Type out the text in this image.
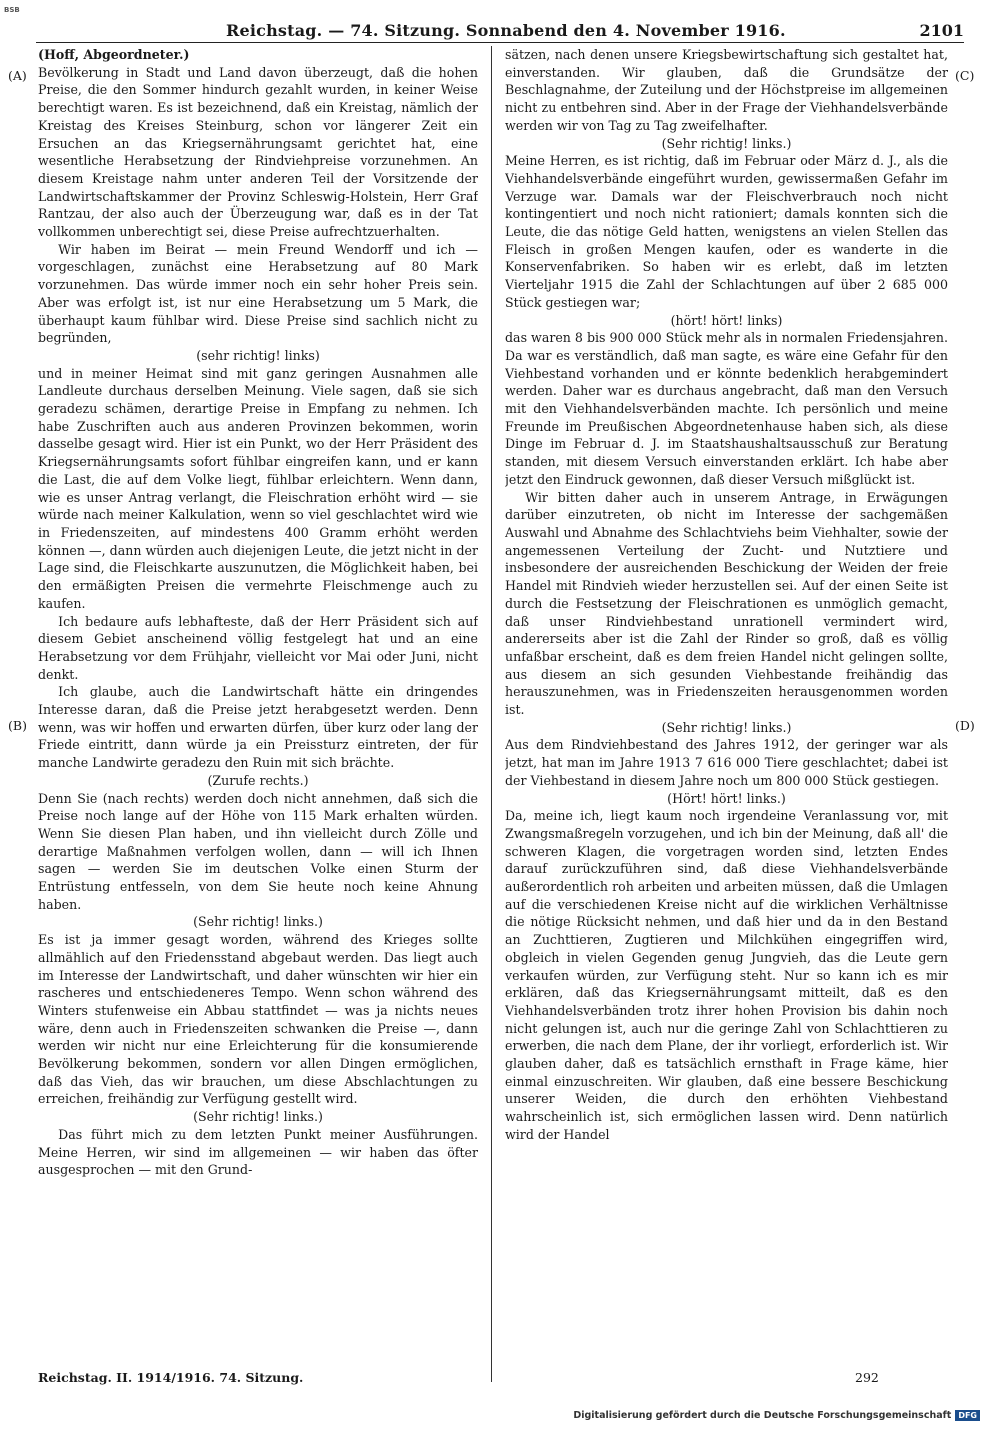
BSB
Reichstag. — 74. Sitzung. Sonnabend den 4. November 1916.	2101
(A)
(B)
(C)
(D)

(Hoff, Abgeordneter.)

Bevölkerung in Stadt und Land davon überzeugt, daß die hohen Preise, die den Sommer hindurch gezahlt wurden, in keiner Weise berechtigt waren. Es ist bezeichnend, daß ein Kreistag, nämlich der Kreistag des Kreises Steinburg, schon vor längerer Zeit ein Ersuchen an das Kriegsernährungsamt gerichtet hat, eine wesentliche Herabsetzung der Rindviehpreise vorzunehmen. An diesem Kreistage nahm unter anderen Teil der Vorsitzende der Landwirtschaftskammer der Provinz Schleswig-Holstein, Herr Graf Rantzau, der also auch der Überzeugung war, daß es in der Tat vollkommen unberechtigt sei, diese Preise aufrechtzuerhalten.

Wir haben im Beirat — mein Freund Wendorff und ich — vorgeschlagen, zunächst eine Herabsetzung auf 80 Mark vorzunehmen. Das würde immer noch ein sehr hoher Preis sein. Aber was erfolgt ist, ist nur eine Herabsetzung um 5 Mark, die überhaupt kaum fühlbar wird. Diese Preise sind sachlich nicht zu begründen,

(sehr richtig! links)

und in meiner Heimat sind mit ganz geringen Ausnahmen alle Landleute durchaus derselben Meinung. Viele sagen, daß sie sich geradezu schämen, derartige Preise in Empfang zu nehmen. Ich habe Zuschriften auch aus anderen Provinzen bekommen, worin dasselbe gesagt wird. Hier ist ein Punkt, wo der Herr Präsident des Kriegsernährungsamts sofort fühlbar eingreifen kann, und er kann die Last, die auf dem Volke liegt, fühlbar erleichtern. Wenn dann, wie es unser Antrag verlangt, die Fleischration erhöht wird — sie würde nach meiner Kalkulation, wenn so viel geschlachtet wird wie in Friedenszeiten, auf mindestens 400 Gramm erhöht werden können —, dann würden auch diejenigen Leute, die jetzt nicht in der Lage sind, die Fleischkarte auszunutzen, die Möglichkeit haben, bei den ermäßigten Preisen die vermehrte Fleischmenge auch zu kaufen.

Ich bedaure aufs lebhafteste, daß der Herr Präsident sich auf diesem Gebiet anscheinend völlig festgelegt hat und an eine Herabsetzung vor dem Frühjahr, vielleicht vor Mai oder Juni, nicht denkt.

Ich glaube, auch die Landwirtschaft hätte ein dringendes Interesse daran, daß die Preise jetzt herabgesetzt werden. Denn wenn, was wir hoffen und erwarten dürfen, über kurz oder lang der Friede eintritt, dann würde ja ein Preissturz eintreten, der für manche Landwirte geradezu den Ruin mit sich brächte.

(Zurufe rechts.)

Denn Sie (nach rechts) werden doch nicht annehmen, daß sich die Preise noch lange auf der Höhe von 115 Mark erhalten würden. Wenn Sie diesen Plan haben, und ihn vielleicht durch Zölle und derartige Maßnahmen verfolgen wollen, dann — will ich Ihnen sagen — werden Sie im deutschen Volke einen Sturm der Entrüstung entfesseln, von dem Sie heute noch keine Ahnung haben.

(Sehr richtig! links.)

Es ist ja immer gesagt worden, während des Krieges sollte allmählich auf den Friedensstand abgebaut werden. Das liegt auch im Interesse der Landwirtschaft, und daher wünschten wir hier ein rascheres und entschiedeneres Tempo. Wenn schon während des Winters stufenweise ein Abbau stattfindet — was ja nichts neues wäre, denn auch in Friedenszeiten schwanken die Preise —, dann werden wir nicht nur eine Erleichterung für die konsumierende Bevölkerung bekommen, sondern vor allen Dingen ermöglichen, daß das Vieh, das wir brauchen, um diese Abschlachtungen zu erreichen, freihändig zur Verfügung gestellt wird.

(Sehr richtig! links.)

Das führt mich zu dem letzten Punkt meiner Ausführungen. Meine Herren, wir sind im allgemeinen — wir haben das öfter ausgesprochen — mit den Grund-

sätzen, nach denen unsere Kriegsbewirtschaftung sich gestaltet hat, einverstanden. Wir glauben, daß die Grundsätze der Beschlagnahme, der Zuteilung und der Höchstpreise im allgemeinen nicht zu entbehren sind. Aber in der Frage der Viehhandelsverbände werden wir von Tag zu Tag zweifelhafter.

(Sehr richtig! links.)

Meine Herren, es ist richtig, daß im Februar oder März d. J., als die Viehhandelsverbände eingeführt wurden, gewissermaßen Gefahr im Verzuge war. Damals war der Fleischverbrauch noch nicht kontingentiert und noch nicht rationiert; damals konnten sich die Leute, die das nötige Geld hatten, wenigstens an vielen Stellen das Fleisch in großen Mengen kaufen, oder es wanderte in die Konservenfabriken. So haben wir es erlebt, daß im letzten Vierteljahr 1915 die Zahl der Schlachtungen auf über 2 685 000 Stück gestiegen war;

(hört! hört! links)

das waren 8 bis 900 000 Stück mehr als in normalen Friedensjahren. Da war es verständlich, daß man sagte, es wäre eine Gefahr für den Viehbestand vorhanden und er könnte bedenklich herabgemindert werden. Daher war es durchaus angebracht, daß man den Versuch mit den Viehhandelsverbänden machte. Ich persönlich und meine Freunde im Preußischen Abgeordnetenhause haben sich, als diese Dinge im Februar d. J. im Staatshaushaltsausschuß zur Beratung standen, mit diesem Versuch einverstanden erklärt. Ich habe aber jetzt den Eindruck gewonnen, daß dieser Versuch mißglückt ist.

Wir bitten daher auch in unserem Antrage, in Erwägungen darüber einzutreten, ob nicht im Interesse der sachgemäßen Auswahl und Abnahme des Schlachtviehs beim Viehhalter, sowie der angemessenen Verteilung der Zucht- und Nutztiere und insbesondere der ausreichenden Beschickung der Weiden der freie Handel mit Rindvieh wieder herzustellen sei. Auf der einen Seite ist durch die Festsetzung der Fleischrationen es unmöglich gemacht, daß unser Rindviehbestand unrationell vermindert wird, andererseits aber ist die Zahl der Rinder so groß, daß es völlig unfaßbar erscheint, daß es dem freien Handel nicht gelingen sollte, aus diesem an sich gesunden Viehbestande freihändig das herauszunehmen, was in Friedenszeiten herausgenommen worden ist.

(Sehr richtig! links.)

Aus dem Rindviehbestand des Jahres 1912, der geringer war als jetzt, hat man im Jahre 1913 7 616 000 Tiere geschlachtet; dabei ist der Viehbestand in diesem Jahre noch um 800 000 Stück gestiegen.

(Hört! hört! links.)

Da, meine ich, liegt kaum noch irgendeine Veranlassung vor, mit Zwangsmaßregeln vorzugehen, und ich bin der Meinung, daß all' die schweren Klagen, die vorgetragen worden sind, letzten Endes darauf zurückzuführen sind, daß diese Viehhandelsverbände außerordentlich roh arbeiten und arbeiten müssen, daß die Umlagen auf die verschiedenen Kreise nicht auf die wirklichen Verhältnisse die nötige Rücksicht nehmen, und daß hier und da in den Bestand an Zuchttieren, Zugtieren und Milchkühen eingegriffen wird, obgleich in vielen Gegenden genug Jungvieh, das die Leute gern verkaufen würden, zur Verfügung steht. Nur so kann ich es mir erklären, daß das Kriegsernährungsamt mitteilt, daß es den Viehhandelsverbänden trotz ihrer hohen Provision bis dahin noch nicht gelungen ist, auch nur die geringe Zahl von Schlachttieren zu erwerben, die nach dem Plane, der ihr vorliegt, erforderlich ist. Wir glauben daher, daß es tatsächlich ernsthaft in Frage käme, hier einmal einzuschreiten. Wir glauben, daß eine bessere Beschickung unserer Weiden, die durch den erhöhten Viehbestand wahrscheinlich ist, sich ermöglichen lassen wird. Denn natürlich wird der Handel

Reichstag. II. 1914/1916. 74. Sitzung.	292
Digitalisierung gefördert durch die Deutsche Forschungsgemeinschaft DFG
